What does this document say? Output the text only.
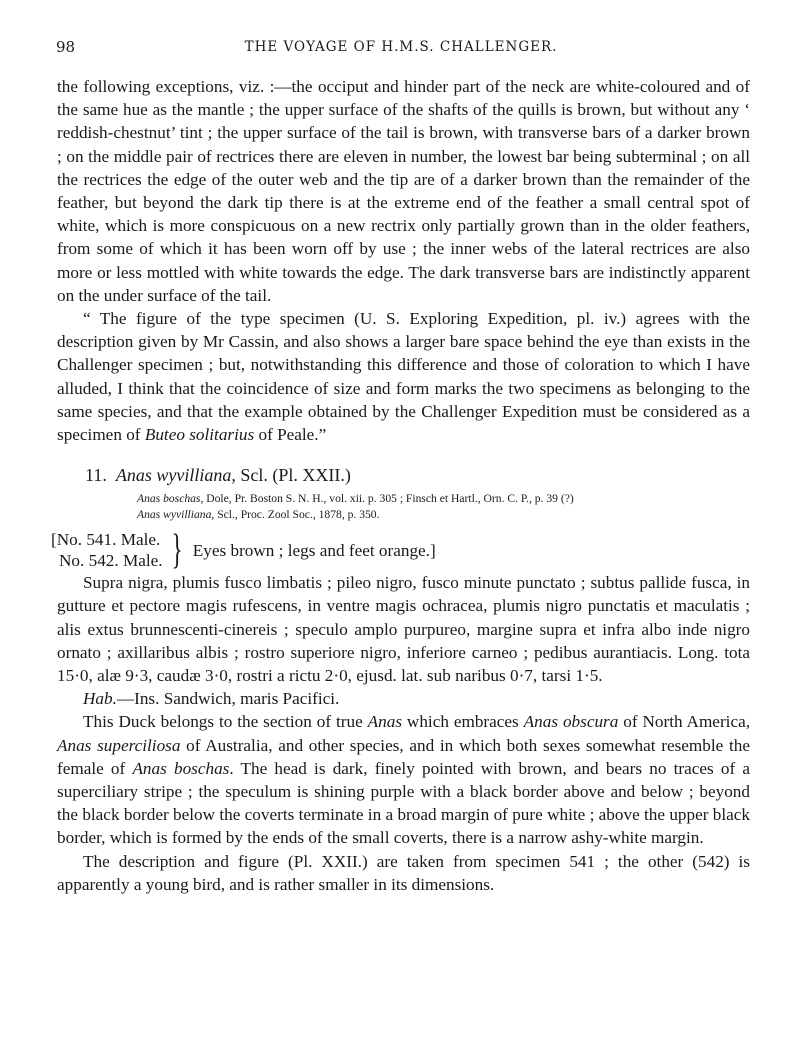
98	THE VOYAGE OF H.M.S. CHALLENGER.

the following exceptions, viz. :—the occiput and hinder part of the neck are white-coloured and of the same hue as the mantle ; the upper surface of the shafts of the quills is brown, but without any ‘ reddish-chestnut’ tint ; the upper surface of the tail is brown, with transverse bars of a darker brown ; on the middle pair of rectrices there are eleven in number, the lowest bar being subterminal ; on all the rectrices the edge of the outer web and the tip are of a darker brown than the remainder of the feather, but beyond the dark tip there is at the extreme end of the feather a small central spot of white, which is more conspicuous on a new rectrix only partially grown than in the older feathers, from some of which it has been worn off by use ; the inner webs of the lateral rectrices are also more or less mottled with white towards the edge. The dark transverse bars are indistinctly apparent on the under surface of the tail.

“ The figure of the type specimen (U. S. Exploring Expedition, pl. iv.) agrees with the description given by Mr Cassin, and also shows a larger bare space behind the eye than exists in the Challenger specimen ; but, notwithstanding this difference and those of coloration to which I have alluded, I think that the coincidence of size and form marks the two specimens as belonging to the same species, and that the example obtained by the Challenger Expedition must be considered as a specimen of Buteo solitarius of Peale.”

11. Anas wyvilliana, Scl. (Pl. XXII.)
Anas boschas, Dole, Pr. Boston S. N. H., vol. xii. p. 305 ; Finsch et Hartl., Orn. C. P., p. 39 (?)
Anas wyvilliana, Scl., Proc. Zool Soc., 1878, p. 350.
[No. 541. Male.
No. 542. Male. } Eyes brown ; legs and feet orange.]

Supra nigra, plumis fusco limbatis ; pileo nigro, fusco minute punctato ; subtus pallide fusca, in gutture et pectore magis rufescens, in ventre magis ochracea, plumis nigro punctatis et maculatis ; alis extus brunnescenti-cinereis ; speculo amplo purpureo, margine supra et infra albo inde nigro ornato ; axillaribus albis ; rostro superiore nigro, inferiore carneo ; pedibus aurantiacis. Long. tota 15·0, alæ 9·3, caudæ 3·0, rostri a rictu 2·0, ejusd. lat. sub naribus 0·7, tarsi 1·5.

Hab.—Ins. Sandwich, maris Pacifici.

This Duck belongs to the section of true Anas which embraces Anas obscura of North America, Anas superciliosa of Australia, and other species, and in which both sexes somewhat resemble the female of Anas boschas. The head is dark, finely pointed with brown, and bears no traces of a superciliary stripe ; the speculum is shining purple with a black border above and below ; beyond the black border below the coverts terminate in a broad margin of pure white ; above the upper black border, which is formed by the ends of the small coverts, there is a narrow ashy-white margin.

The description and figure (Pl. XXII.) are taken from specimen 541 ; the other (542) is apparently a young bird, and is rather smaller in its dimensions.
